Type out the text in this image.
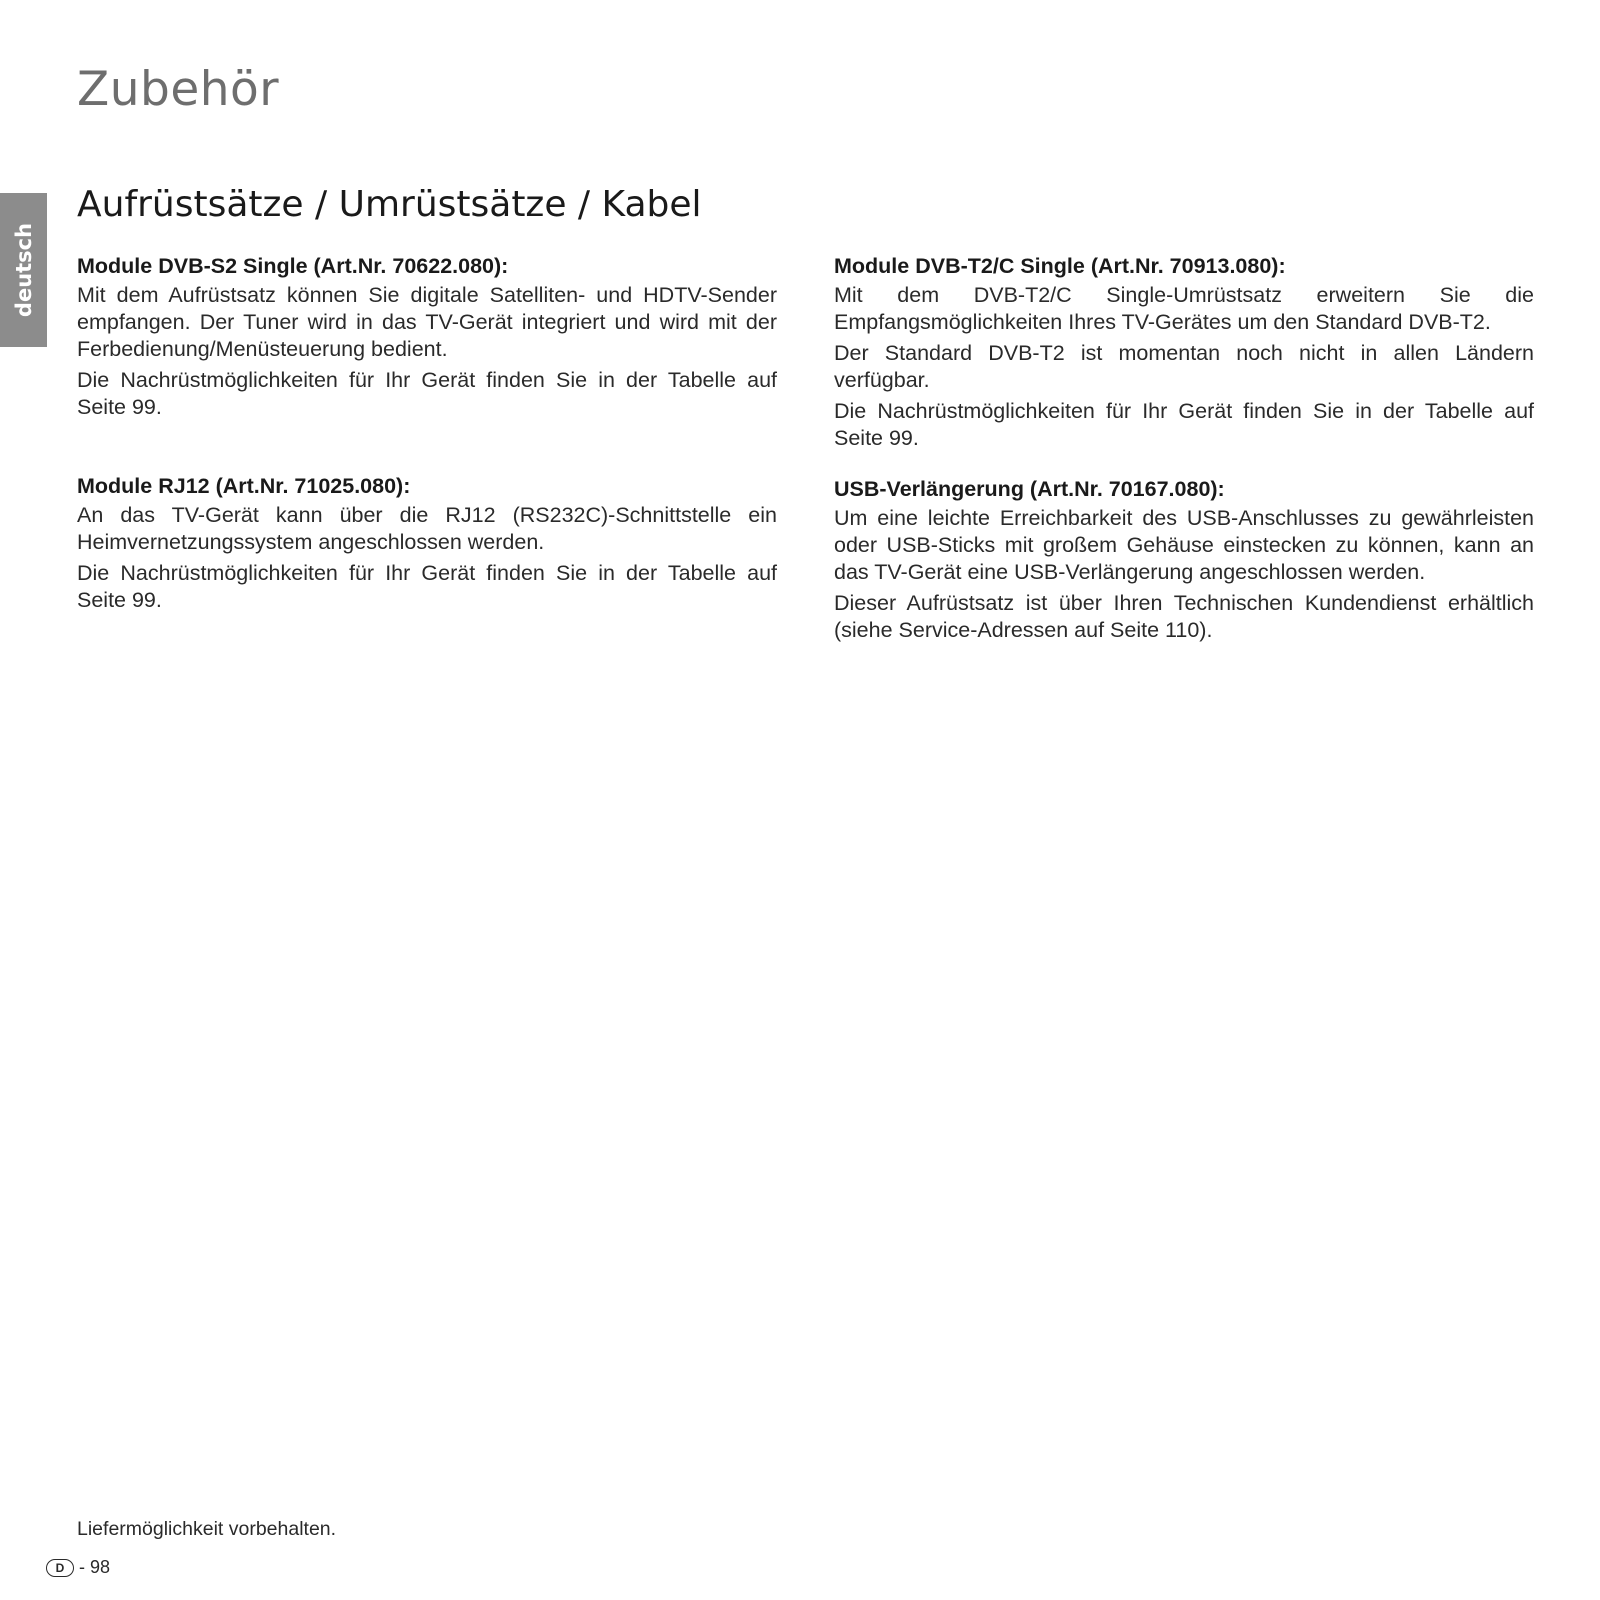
Zubehör
deutsch
Aufrüstsätze / Umrüstsätze / Kabel
Module DVB-S2 Single (Art.Nr. 70622.080):

Mit dem Aufrüstsatz können Sie digitale Satelliten- und HDTV-Sender empfangen. Der Tuner wird in das TV-Gerät integriert und wird mit der Ferbedienung/Menüsteuerung bedient.

Die Nachrüstmöglichkeiten für Ihr Gerät finden Sie in der Tabelle auf Seite 99.

Module DVB-T2/C Single (Art.Nr. 70913.080):

Mit dem DVB-T2/C Single-Umrüstsatz erweitern Sie die Empfangsmöglichkeiten Ihres TV-Gerätes um den Standard DVB-T2.

Der Standard DVB-T2 ist momentan noch nicht in allen Ländern verfügbar.

Die Nachrüstmöglichkeiten für Ihr Gerät finden Sie in der Tabelle auf Seite 99.

Module RJ12 (Art.Nr. 71025.080):

An das TV-Gerät kann über die RJ12 (RS232C)-Schnittstelle ein Heimvernetzungssystem angeschlossen werden.

Die Nachrüstmöglichkeiten für Ihr Gerät finden Sie in der Tabelle auf Seite 99.

USB-Verlängerung (Art.Nr. 70167.080):

Um eine leichte Erreichbarkeit des USB-Anschlusses zu gewährleisten oder USB-Sticks mit großem Gehäuse einstecken zu können, kann an das TV-Gerät eine USB-Verlängerung angeschlossen werden.

Dieser Aufrüstsatz ist über Ihren Technischen Kundendienst erhältlich (siehe Service-Adressen auf Seite 110).

Liefermöglichkeit vorbehalten.
D - 98
